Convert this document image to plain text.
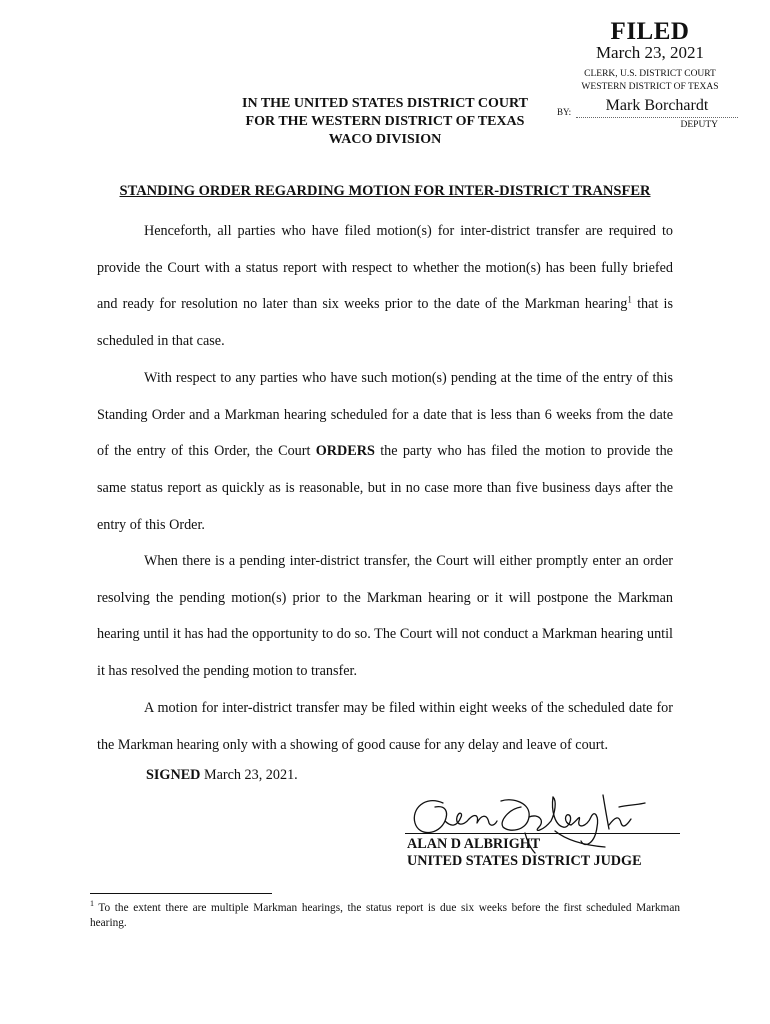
FILED
March 23, 2021
CLERK, U.S. DISTRICT COURT
WESTERN DISTRICT OF TEXAS
BY:	Mark Borchardt
DEPUTY
IN THE UNITED STATES DISTRICT COURT
FOR THE WESTERN DISTRICT OF TEXAS
WACO DIVISION
STANDING ORDER REGARDING MOTION FOR INTER-DISTRICT TRANSFER
Henceforth, all parties who have filed motion(s) for inter-district transfer are required to provide the Court with a status report with respect to whether the motion(s) has been fully briefed and ready for resolution no later than six weeks prior to the date of the Markman hearing$^1$ that is scheduled in that case.
With respect to any parties who have such motion(s) pending at the time of the entry of this Standing Order and a Markman hearing scheduled for a date that is less than 6 weeks from the date of the entry of this Order, the Court ORDERS the party who has filed the motion to provide the same status report as quickly as is reasonable, but in no case more than five business days after the entry of this Order.
When there is a pending inter-district transfer, the Court will either promptly enter an order resolving the pending motion(s) prior to the Markman hearing or it will postpone the Markman hearing until it has had the opportunity to do so. The Court will not conduct a Markman hearing until it has resolved the pending motion to transfer.
A motion for inter-district transfer may be filed within eight weeks of the scheduled date for the Markman hearing only with a showing of good cause for any delay and leave of court.
SIGNED March 23, 2021.
ALAN D ALBRIGHT
UNITED STATES DISTRICT JUDGE
$^1$ To the extent there are multiple Markman hearings, the status report is due six weeks before the first scheduled Markman hearing.
